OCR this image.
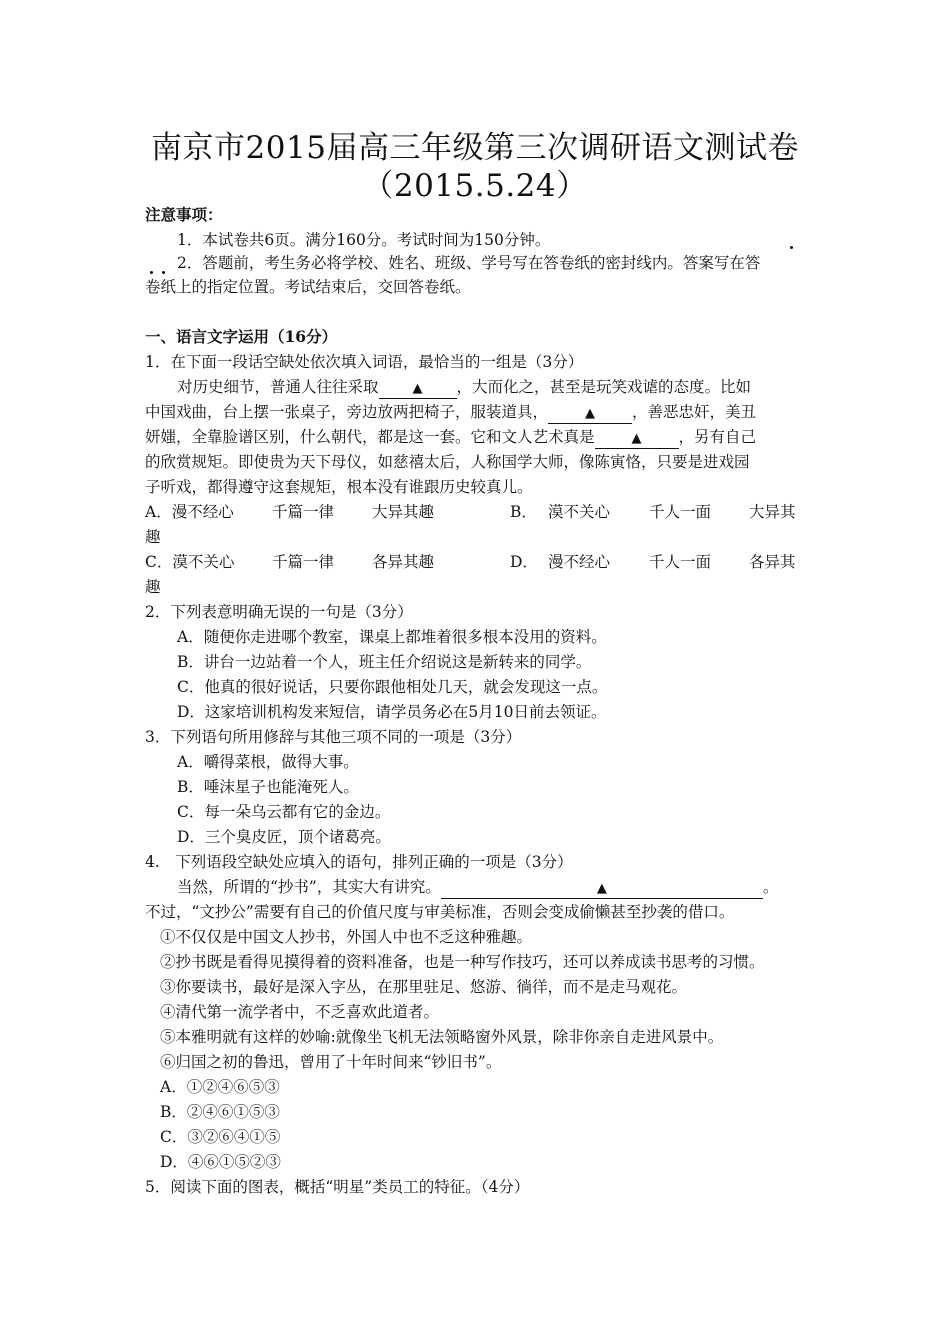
南京市2015届高三年级第三次调研语文测试卷
（2015.5.24）
注意事项：
1．本试卷共6页。满分160分。考试时间为150分钟。
2．答题前，考生务必将学校、姓名、班级、学号写在答卷纸的密封线内。答案写在答
卷纸上的指定位置。考试结束后，交回答卷纸。
一、语言文字运用（16分）
1．在下面一段话空缺处依次填入词语，最恰当的一组是（3分）
对历史细节，普通人往往采取	▲ ，大而化之，甚至是玩笑戏谑的态度。比如
中国戏曲，台上摆一张桌子，旁边放两把椅子，服装道具，	▲ ，善恶忠奸，美丑
妍媸，全靠脸谱区别，什么朝代，都是这一套。它和文人艺术真是	▲ ，另有自己
的欣赏规矩。即使贵为天下母仪，如慈禧太后，人称国学大师，像陈寅恪，只要是进戏园
子听戏，都得遵守这套规矩，根本没有谁跟历史较真儿。
A．漫不经心 千篇一律 大异其趣	B． 漠不关心	千人一面 大异其
趣
C．漠不关心 千篇一律 各异其趣	D． 漫不经心	千人一面 各异其
趣
2．下列表意明确无误的一句是（3分）
A．随便你走进哪个教室，课桌上都堆着很多根本没用的资料。
B．讲台一边站着一个人，班主任介绍说这是新转来的同学。
C．他真的很好说话，只要你跟他相处几天，就会发现这一点。
D．这家培训机构发来短信，请学员务必在5月10日前去领证。
3．下列语句所用修辞与其他三项不同的一项是（3分）
A．嚼得菜根，做得大事。
B．唾沫星子也能淹死人。
C．每一朵乌云都有它的金边。
D．三个臭皮匠，顶个诸葛亮。
4.　下列语段空缺处应填入的语句，排列正确的一项是（3分）
当然，所谓的“抄书”，其实大有讲究。	▲	。
不过，“文抄公”需要有自己的价值尺度与审美标准，否则会变成偷懒甚至抄袭的借口。
①不仅仅是中国文人抄书，外国人中也不乏这种雅趣。
②抄书既是看得见摸得着的资料准备，也是一种写作技巧，还可以养成读书思考的习惯。
③你要读书，最好是深入字丛，在那里驻足、悠游、徜徉，而不是走马观花。
④清代第一流学者中，不乏喜欢此道者。
⑤本雅明就有这样的妙喻:就像坐飞机无法领略窗外风景，除非你亲自走进风景中。
⑥归国之初的鲁迅，曾用了十年时间来“钞旧书”。
A．①②④⑥⑤③
B．②④⑥①⑤③
C．③②⑥④①⑤
D．④⑥①⑤②③
5．阅读下面的图表，概括“明星”类员工的特征。（4分）
